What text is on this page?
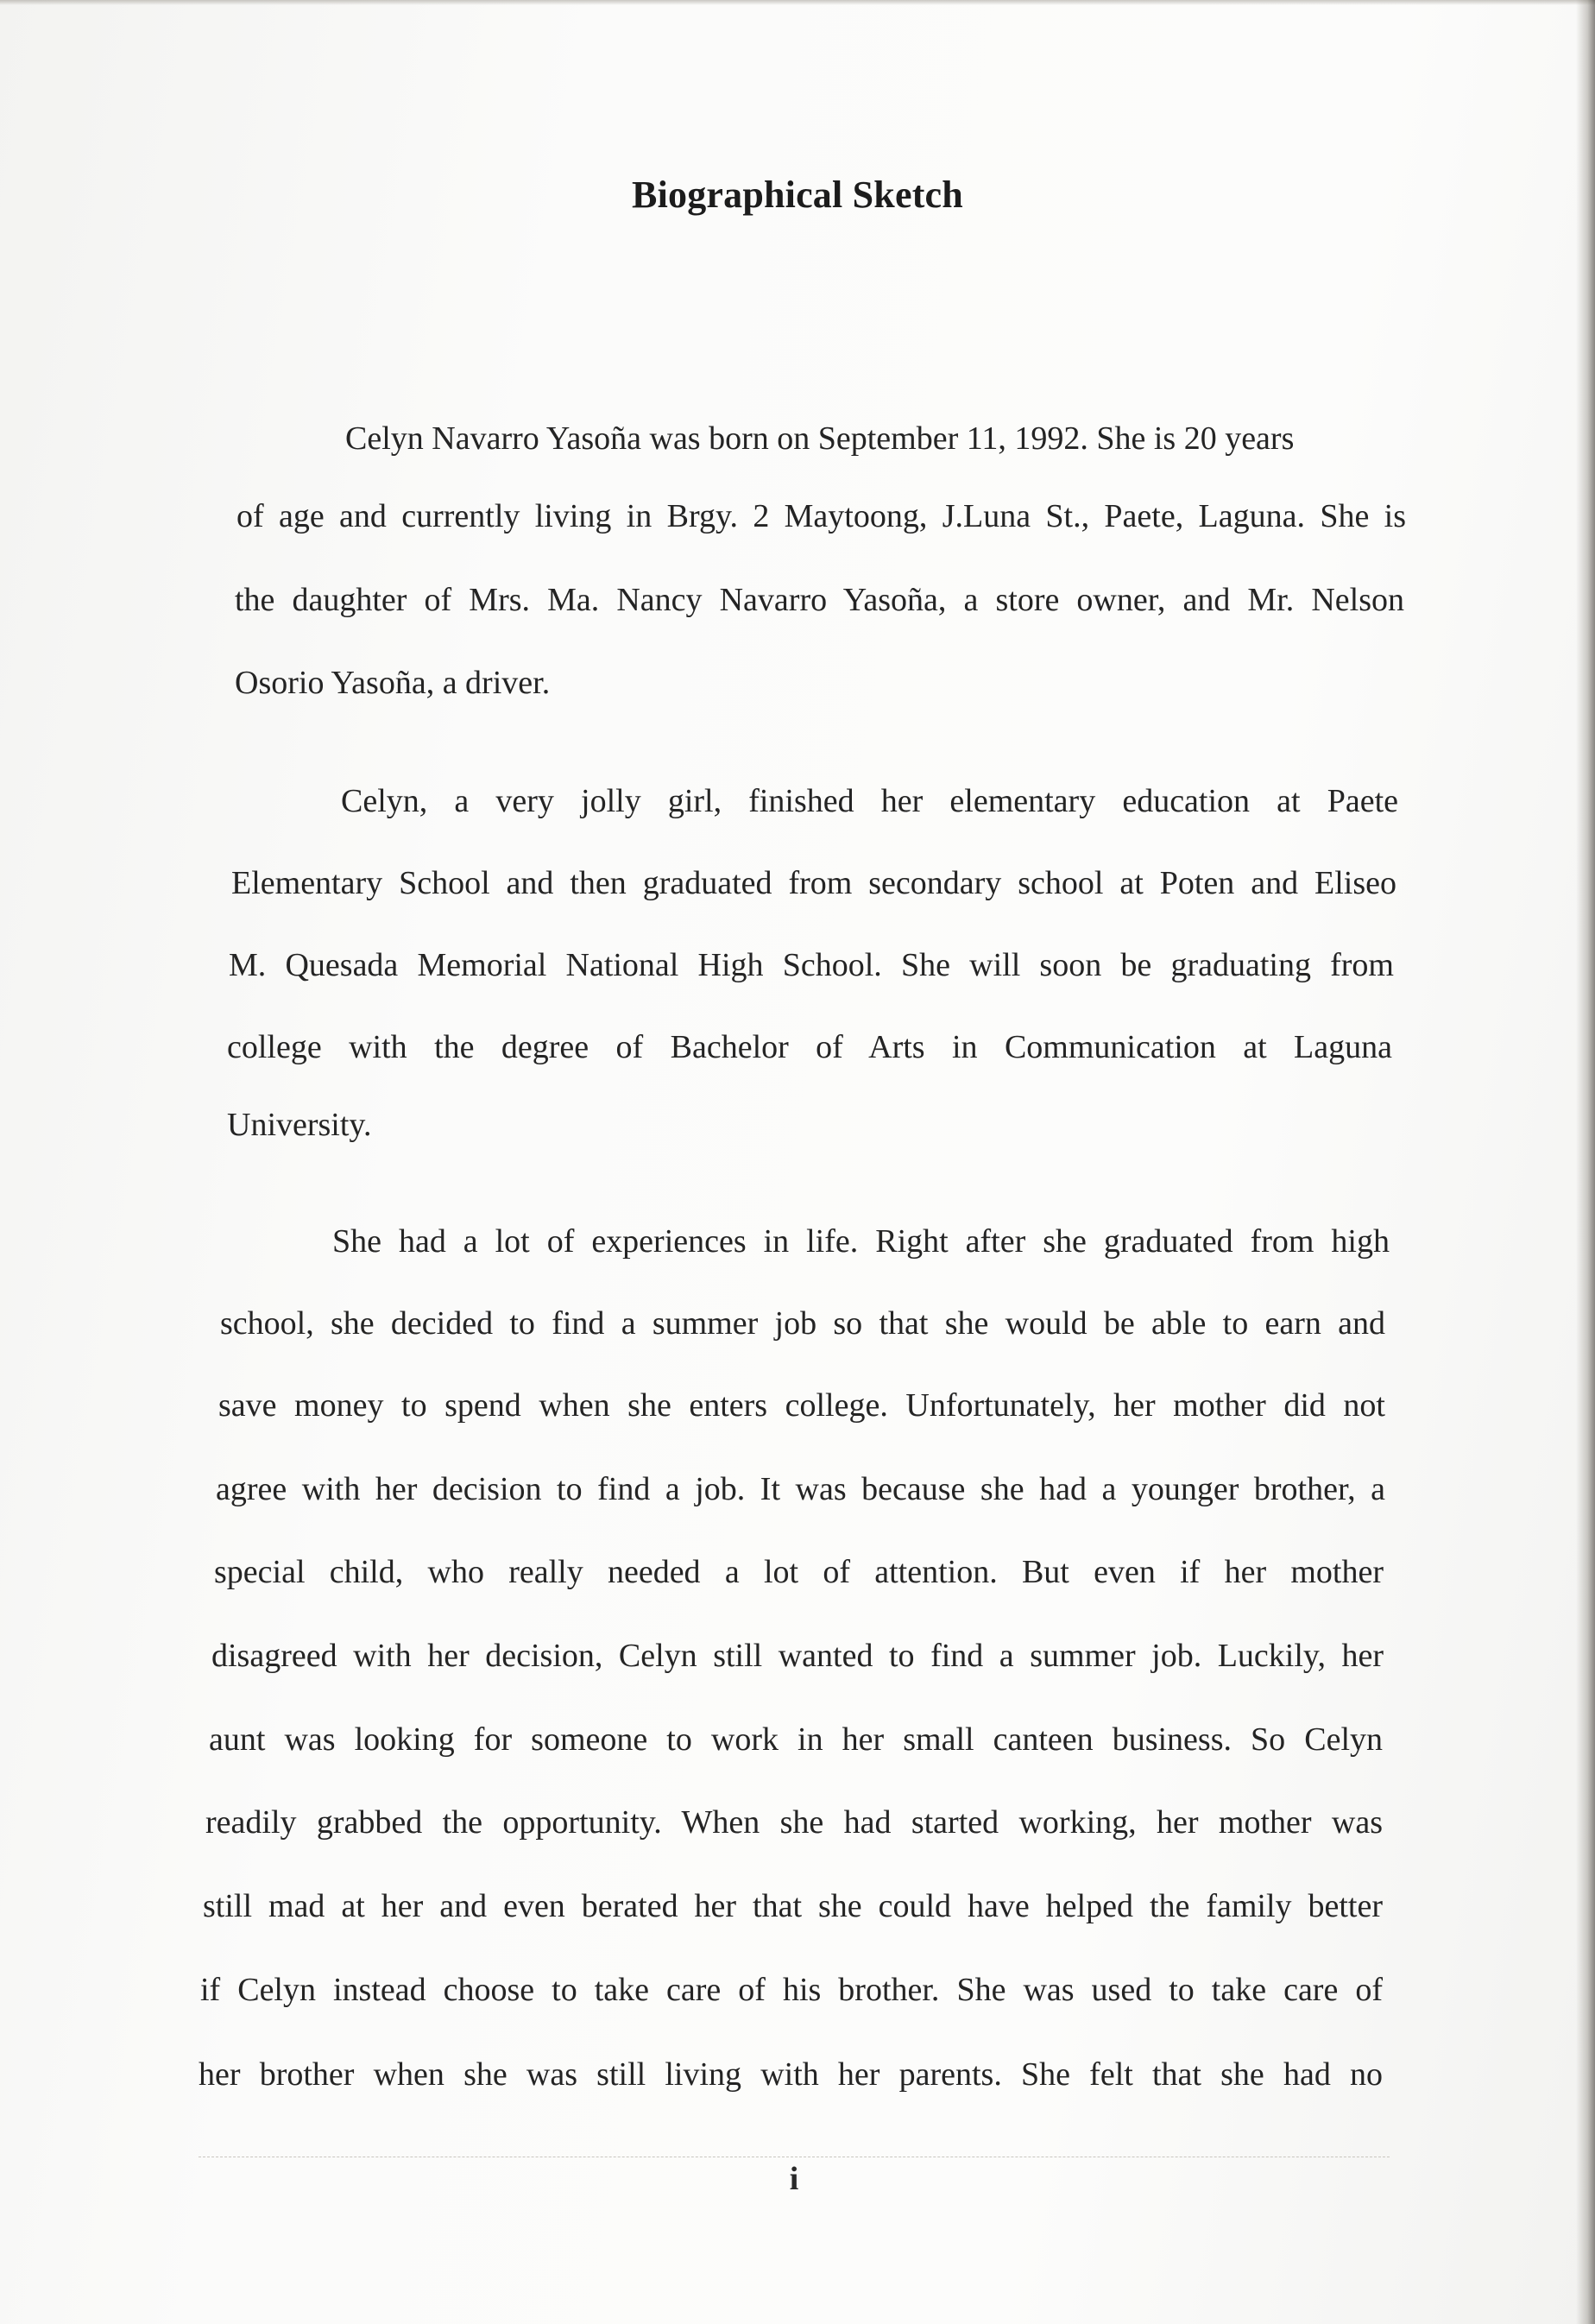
Biographical Sketch
Celyn Navarro Yasoña was born on September 11, 1992. She is 20 years
of age and currently living in Brgy. 2 Maytoong, J.Luna St., Paete, Laguna. She is
the daughter of Mrs. Ma. Nancy Navarro Yasoña, a store owner, and Mr. Nelson
Osorio Yasoña, a driver.
Celyn, a very jolly girl, finished her elementary education at Paete
Elementary School and then graduated from secondary school at Poten and Eliseo
M. Quesada Memorial National High School. She will soon be graduating from
college with the degree of Bachelor of Arts in Communication at Laguna
University.
She had a lot of experiences in life. Right after she graduated from high
school, she decided to find a summer job so that she would be able to earn and
save money to spend when she enters college. Unfortunately, her mother did not
agree with her decision to find a job. It was because she had a younger brother, a
special child, who really needed a lot of attention. But even if her mother
disagreed with her decision, Celyn still wanted to find a summer job. Luckily, her
aunt was looking for someone to work in her small canteen business. So Celyn
readily grabbed the opportunity. When she had started working, her mother was
still mad at her and even berated her that she could have helped the family better
if Celyn instead choose to take care of his brother. She was used to take care of
her brother when she was still living with her parents. She felt that she had no
i
